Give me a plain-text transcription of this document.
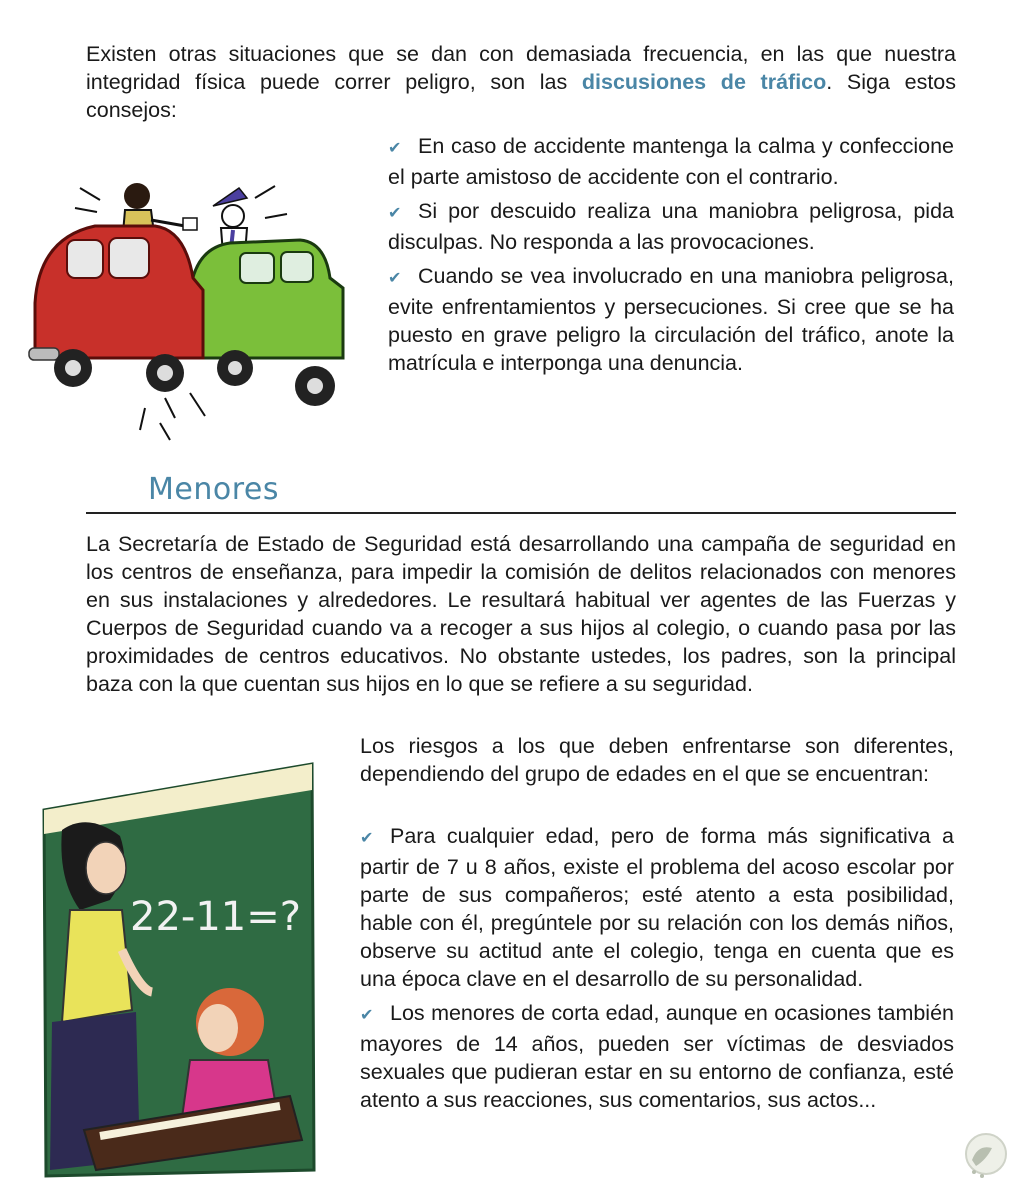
Existen otras situaciones que se dan con demasiada frecuencia, en las que nuestra integridad física puede correr peligro, son las discusiones de tráfico. Siga estos consejos:

✔ En caso de accidente mantenga la calma y confeccione el parte amistoso de accidente con el contrario.

✔ Si por descuido realiza una maniobra peligrosa, pida disculpas. No responda a las provocaciones.

✔ Cuando se vea involucrado en una maniobra peligrosa, evite enfrentamientos y persecuciones. Si cree que se ha puesto en grave peligro la circulación del tráfico, anote la matrícula e interponga una denuncia.

Menores

La Secretaría de Estado de Seguridad está desarrollando una campaña de seguridad en los centros de enseñanza, para impedir la comisión de delitos relacionados con menores en sus instalaciones y alrededores. Le resultará habitual ver agentes de las Fuerzas y Cuerpos de Seguridad cuando va a recoger a sus hijos al colegio, o cuando pasa por las proximidades de centros educativos. No obstante ustedes, los padres, son la principal baza con la que cuentan sus hijos en lo que se refiere a su seguridad.

22-11=?

Los riesgos a los que deben enfrentarse son diferentes, dependiendo del grupo de edades en el que se encuentran:

✔ Para cualquier edad, pero de forma más significativa a partir de 7 u 8 años, existe el problema del acoso escolar por parte de sus compañeros; esté atento a esta posibilidad, hable con él, pregúntele por su relación con los demás niños, observe su actitud ante el colegio, tenga en cuenta que es una época clave en el desarrollo de su personalidad.

✔ Los menores de corta edad, aunque en ocasiones también mayores de 14 años, pueden ser víctimas de desviados sexuales que pudieran estar en su entorno de confianza, esté atento a sus reacciones, sus comentarios, sus actos...
